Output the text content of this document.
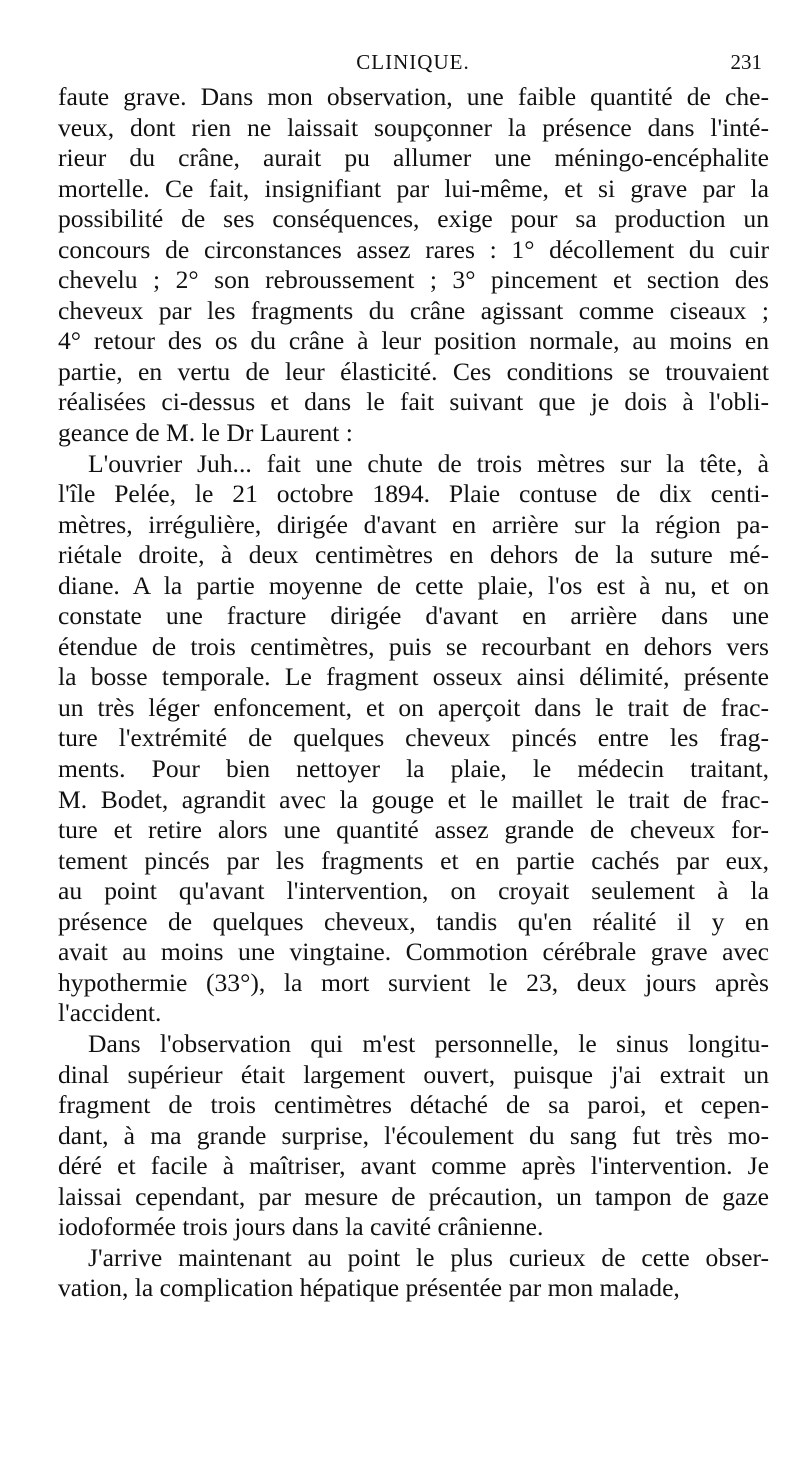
CLINIQUE.	231

faute grave. Dans mon observation, une faible quantité de che-
veux, dont rien ne laissait soupçonner la présence dans l'inté-
rieur du crâne, aurait pu allumer une méningo-encéphalite
mortelle. Ce fait, insignifiant par lui-même, et si grave par la
possibilité de ses conséquences, exige pour sa production un
concours de circonstances assez rares : 1° décollement du cuir
chevelu ; 2° son rebroussement ; 3° pincement et section des
cheveux par les fragments du crâne agissant comme ciseaux ;
4° retour des os du crâne à leur position normale, au moins en
partie, en vertu de leur élasticité. Ces conditions se trouvaient
réalisées ci-dessus et dans le fait suivant que je dois à l'obli-
geance de M. le Dr Laurent :

L'ouvrier Juh... fait une chute de trois mètres sur la tête, à
l'île Pelée, le 21 octobre 1894. Plaie contuse de dix centi-
mètres, irrégulière, dirigée d'avant en arrière sur la région pa-
riétale droite, à deux centimètres en dehors de la suture mé-
diane. A la partie moyenne de cette plaie, l'os est à nu, et on
constate une fracture dirigée d'avant en arrière dans une
étendue de trois centimètres, puis se recourbant en dehors vers
la bosse temporale. Le fragment osseux ainsi délimité, présente
un très léger enfoncement, et on aperçoit dans le trait de frac-
ture l'extrémité de quelques cheveux pincés entre les frag-
ments. Pour bien nettoyer la plaie, le médecin traitant,
M. Bodet, agrandit avec la gouge et le maillet le trait de frac-
ture et retire alors une quantité assez grande de cheveux for-
tement pincés par les fragments et en partie cachés par eux,
au point qu'avant l'intervention, on croyait seulement à la
présence de quelques cheveux, tandis qu'en réalité il y en
avait au moins une vingtaine. Commotion cérébrale grave avec
hypothermie (33°), la mort survient le 23, deux jours après
l'accident.

Dans l'observation qui m'est personnelle, le sinus longitu-
dinal supérieur était largement ouvert, puisque j'ai extrait un
fragment de trois centimètres détaché de sa paroi, et cepen-
dant, à ma grande surprise, l'écoulement du sang fut très mo-
déré et facile à maîtriser, avant comme après l'intervention. Je
laissai cependant, par mesure de précaution, un tampon de gaze
iodoformée trois jours dans la cavité crânienne.

J'arrive maintenant au point le plus curieux de cette obser-
vation, la complication hépatique présentée par mon malade,
